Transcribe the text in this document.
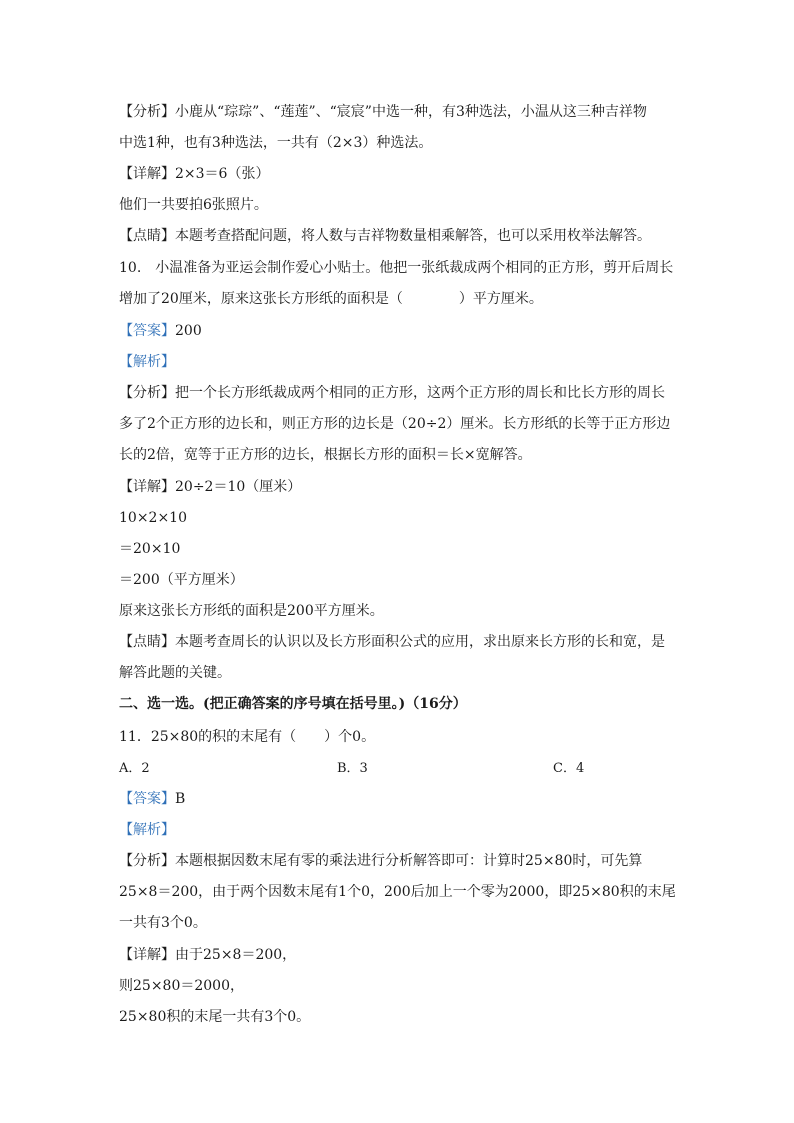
【分析】小鹿从“琮琮”、“莲莲”、“宸宸”中选一种，有3种选法，小温从这三种吉祥物
中选1种，也有3种选法，一共有（2×3）种选法。
【详解】2×3＝6（张）
他们一共要拍6张照片。
【点睛】本题考查搭配问题，将人数与吉祥物数量相乘解答，也可以采用枚举法解答。
10.　小温准备为亚运会制作爱心小贴士。他把一张纸裁成两个相同的正方形，剪开后周长
增加了20厘米，原来这张长方形纸的面积是（　　　　）平方厘米。
【答案】200
【解析】
【分析】把一个长方形纸裁成两个相同的正方形，这两个正方形的周长和比长方形的周长
多了2个正方形的边长和，则正方形的边长是（20÷2）厘米。长方形纸的长等于正方形边
长的2倍，宽等于正方形的边长，根据长方形的面积＝长×宽解答。
【详解】20÷2＝10（厘米）
10×2×10
＝20×10
＝200（平方厘米）
原来这张长方形纸的面积是200平方厘米。
【点睛】本题考查周长的认识以及长方形面积公式的应用，求出原来长方形的长和宽，是
解答此题的关键。
二、选一选。(把正确答案的序号填在括号里。)（16分）
11．25×80的积的末尾有（　　）个0。
A．2	B．3	C．4
【答案】B
【解析】
【分析】本题根据因数末尾有零的乘法进行分析解答即可：计算时25×80时，可先算
25×8＝200，由于两个因数末尾有1个0，200后加上一个零为2000，即25×80积的末尾
一共有3个0。
【详解】由于25×8＝200，
则25×80＝2000，
25×80积的末尾一共有3个0。
